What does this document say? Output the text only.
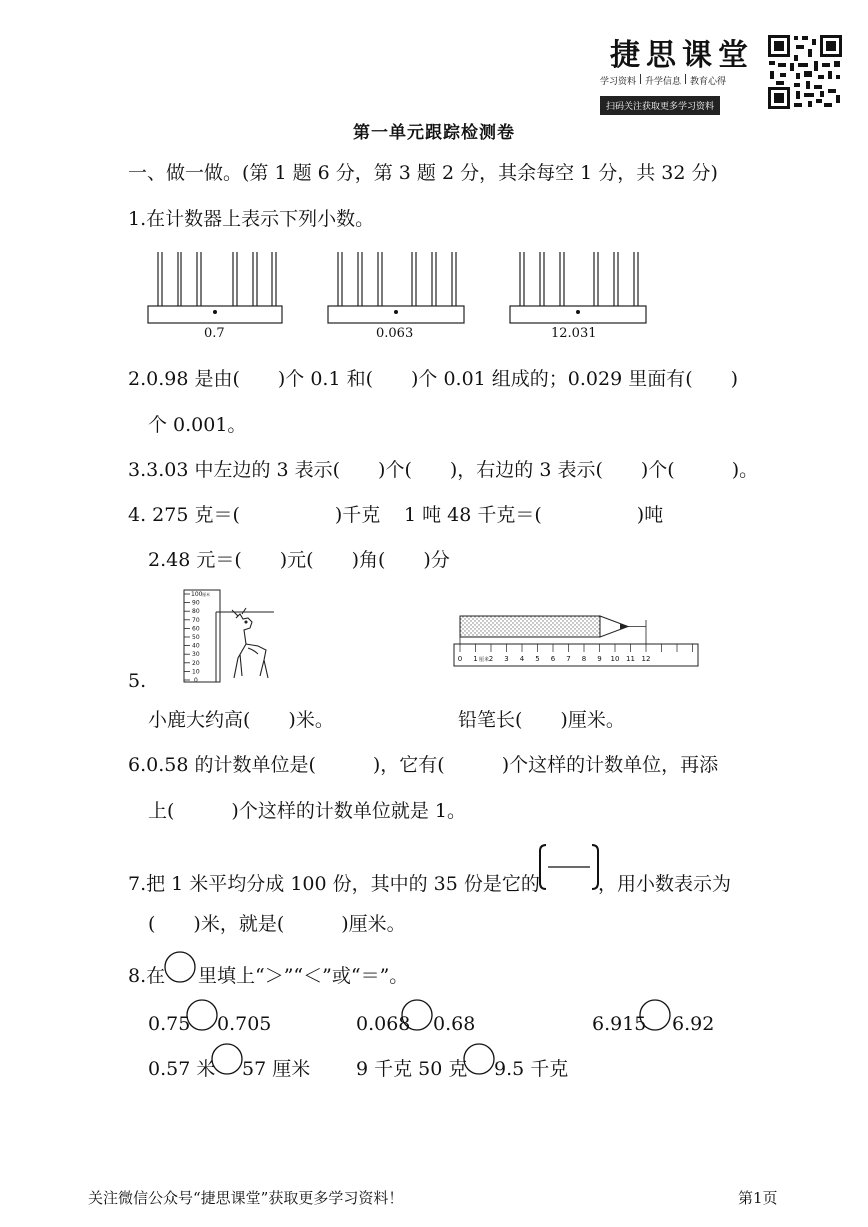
捷思课堂
学习资料 升学信息 教育心得
扫码关注获取更多学习资料
第一单元跟踪检测卷
一、做一做。(第 1 题 6 分，第 3 题 2 分，其余每空 1 分，共 32 分)
1.在计数器上表示下列小数。
0.7	0.063	12.031
2.0.98 是由(　　)个 0.1 和(　　)个 0.01 组成的；0.029 里面有(　　)
个 0.001。
3.3.03 中左边的 3 表示(　　)个(　　)，右边的 3 表示(　　)个(　　　)。
4. 275 克＝(　　　　　)千克 1 吨 48 千克＝(　　　　　)吨
2.48 元＝(　　)元(　　)角(　　)分
100 厘米
90
80
70
60
50
40
30
20
10
0
5.
0 1 厘米 2 3 4 5 6 7 8 9 10 11 12
小鹿大约高(　　)米。	铅笔长(　　)厘米。
6.0.58 的计数单位是(　　　)，它有(　　　)个这样的计数单位，再添
上(　　　)个这样的计数单位就是 1。
7.把 1 米平均分成 100 份，其中的 35 份是它的	，用小数表示为
(　　)米，就是(　　　)厘米。
8.在 里填上“＞”“＜”或“＝”。
0.75 0.705	0.068 0.68	6.915 6.92
0.57 米 57 厘米 9 千克 50 克 9.5 千克
关注微信公众号“捷思课堂”获取更多学习资料！	第1页
